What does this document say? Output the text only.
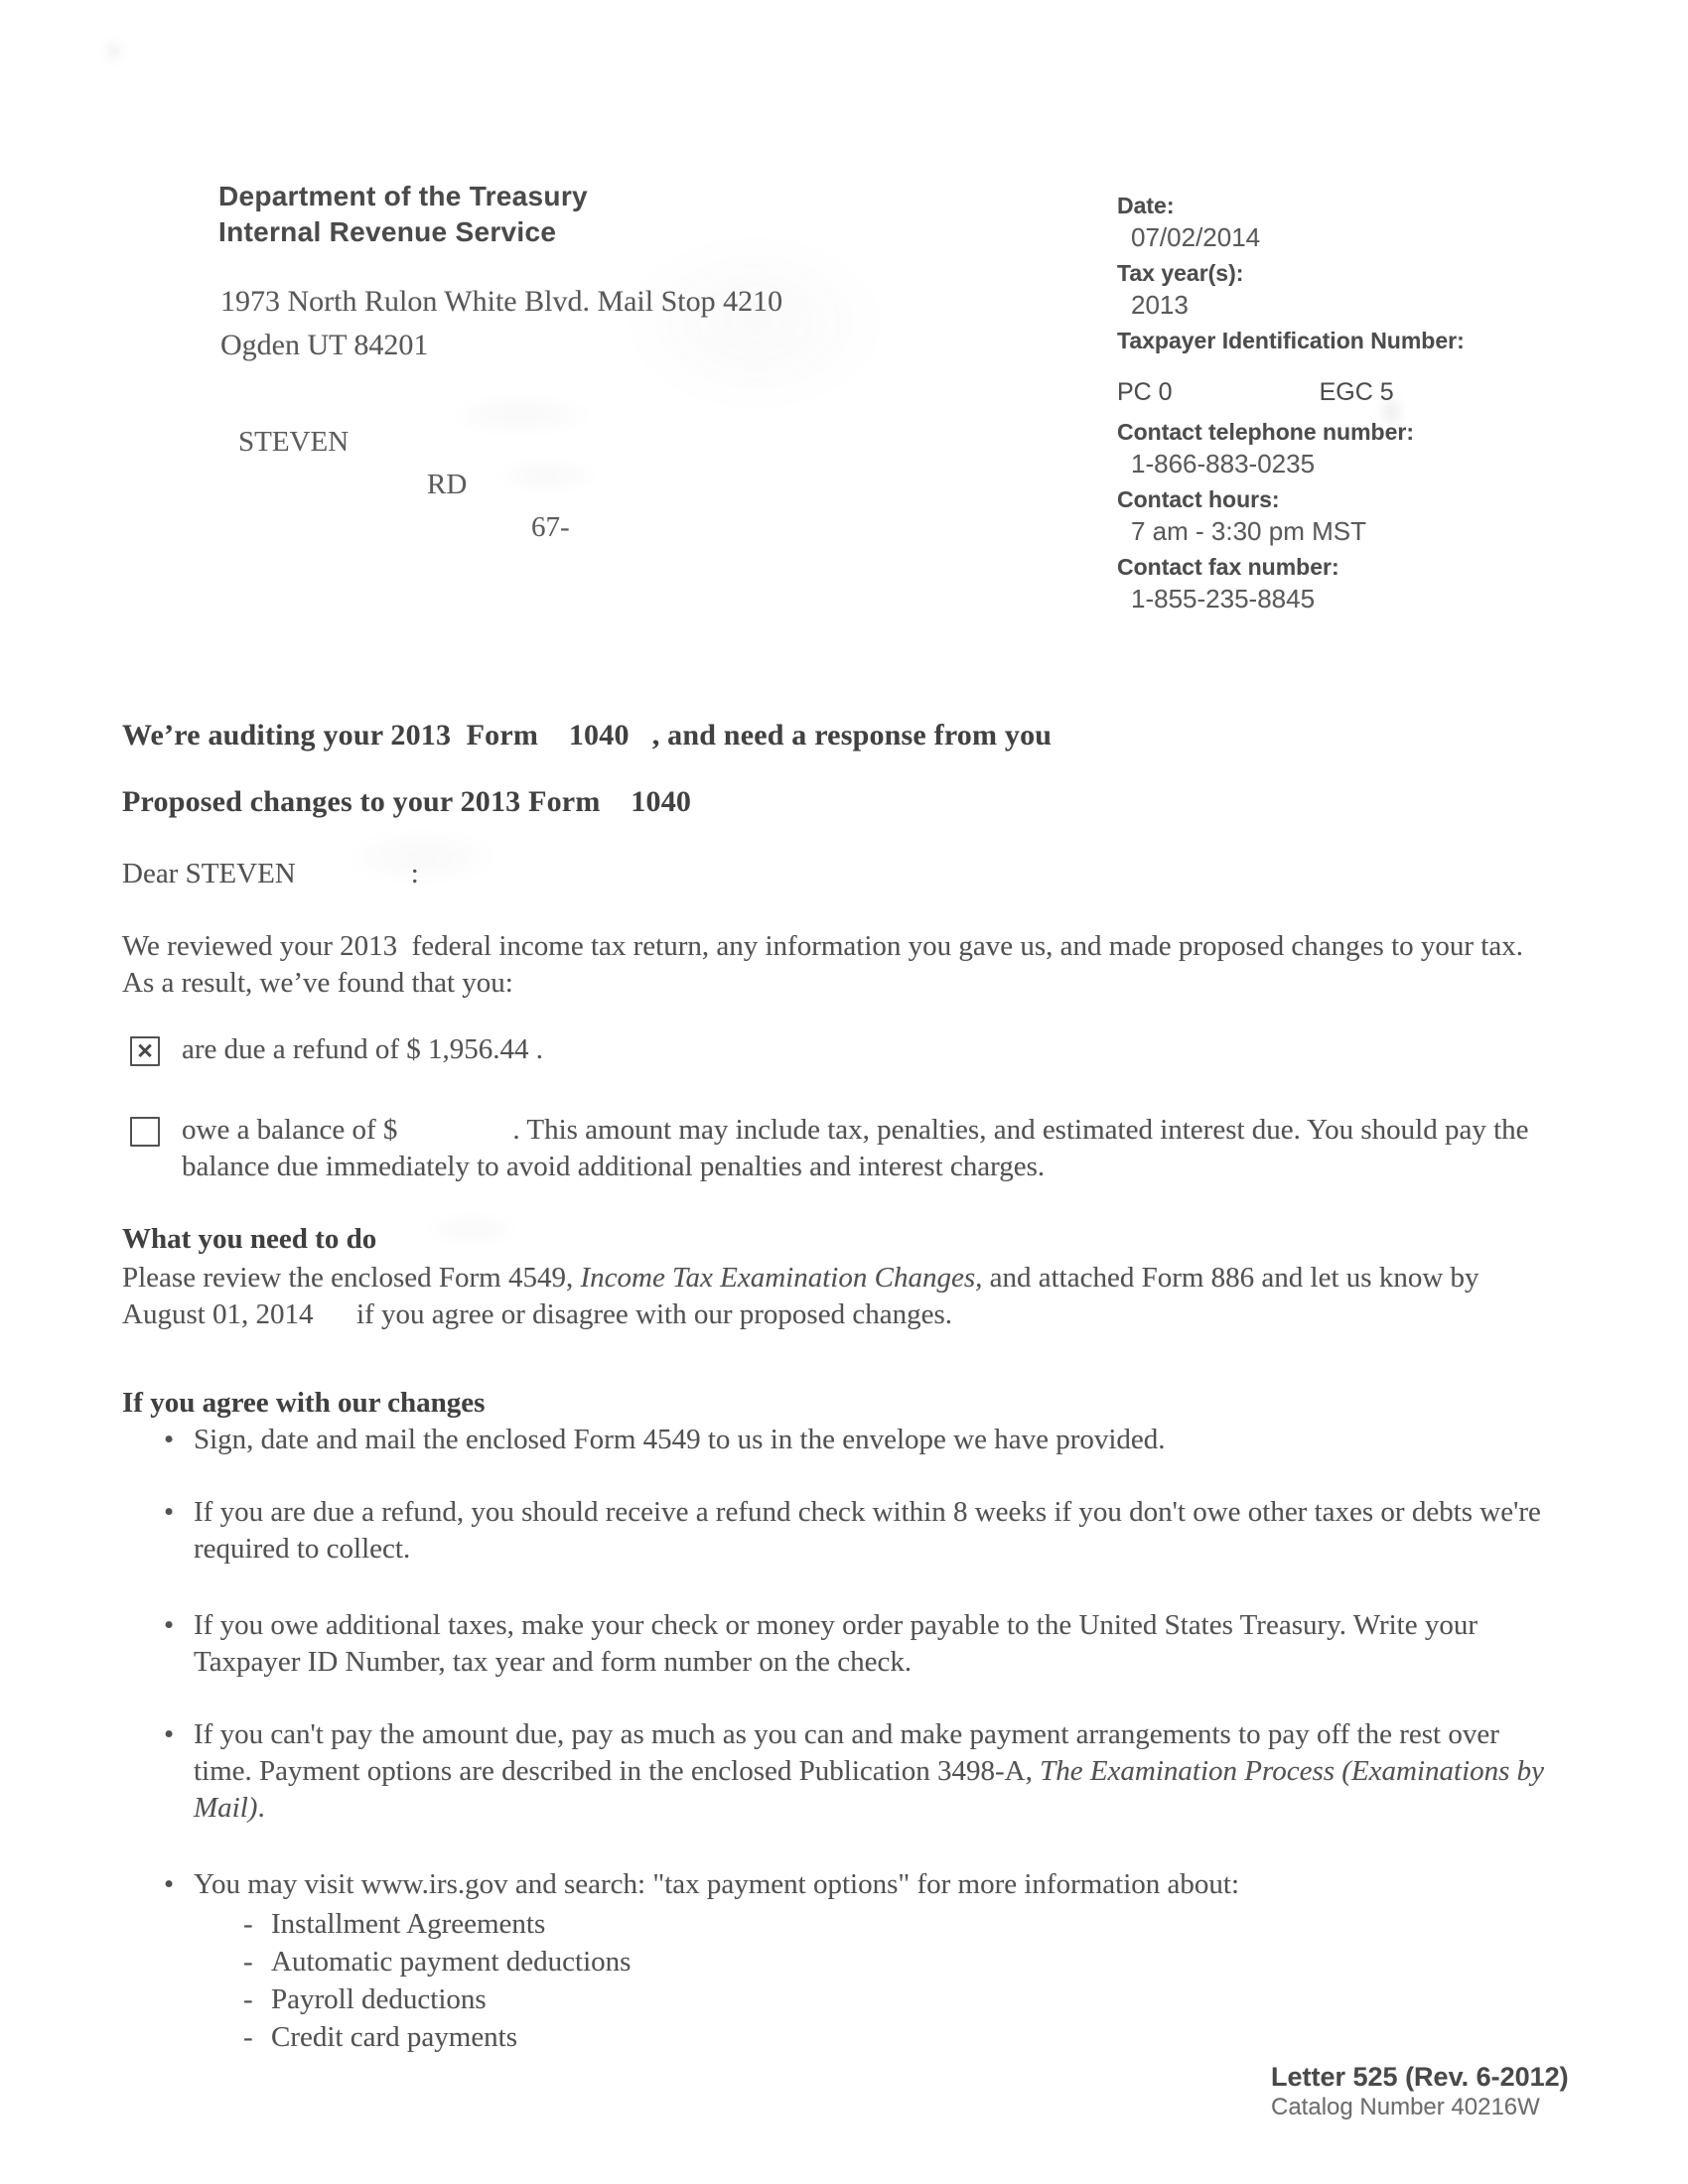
Department of the Treasury
Internal Revenue Service
1973 North Rulon White Blvd. Mail Stop 4210
Ogden UT 84201
STEVEN
RD
67-
Date:
07/02/2014
Tax year(s):
2013
Taxpayer Identification Number:
PC 0	EGC 5
Contact telephone number:
1-866-883-0235
Contact hours:
7 am - 3:30 pm MST
Contact fax number:
1-855-235-8845
We’re auditing your 2013  Form    1040   , and need a response from you
Proposed changes to your 2013 Form    1040
Dear STEVEN                :

We reviewed your 2013  federal income tax return, any information you gave us, and made proposed changes to your tax. As a result, we’ve found that you:

✕ are due a refund of $ 1,956.44 .
owe a balance of $                . This amount may include tax, penalties, and estimated interest due. You should pay the balance due immediately to avoid additional penalties and interest charges.
What you need to do

Please review the enclosed Form 4549, Income Tax Examination Changes, and attached Form 886 and let us know by  August 01, 2014      if you agree or disagree with our proposed changes.

If you agree with our changes
• Sign, date and mail the enclosed Form 4549 to us in the envelope we have provided.
• If you are due a refund, you should receive a refund check within 8 weeks if you don't owe other taxes or debts we're required to collect.
• If you owe additional taxes, make your check or money order payable to the United States Treasury. Write your Taxpayer ID Number, tax year and form number on the check.
• If you can't pay the amount due, pay as much as you can and make payment arrangements to pay off the rest over time. Payment options are described in the enclosed Publication 3498-A, The Examination Process (Examinations by Mail).
• You may visit www.irs.gov and search: "tax payment options" for more information about:
- Installment Agreements
- Automatic payment deductions
- Payroll deductions
- Credit card payments
Letter 525 (Rev. 6-2012)
Catalog Number 40216W
